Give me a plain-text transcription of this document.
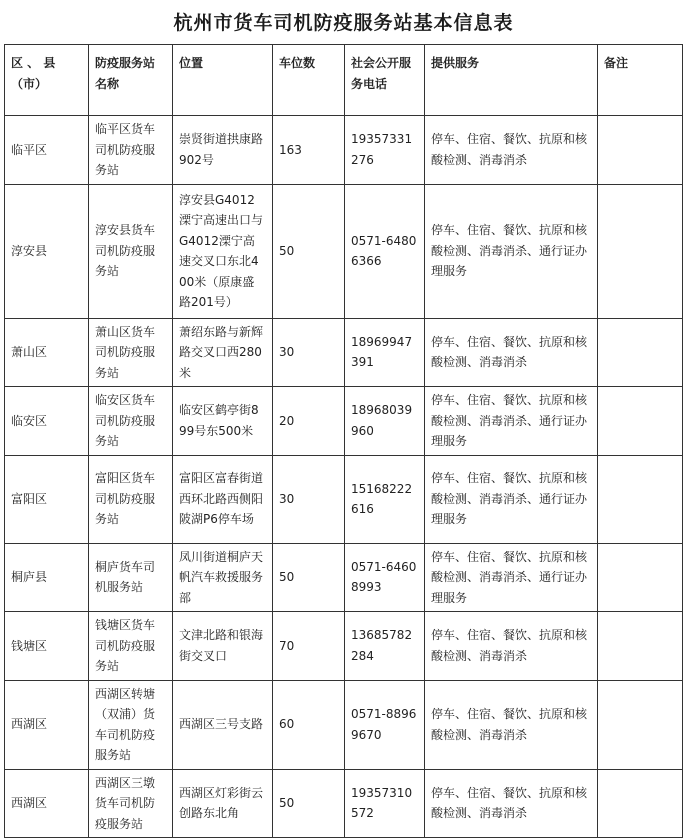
杭州市货车司机防疫服务站基本信息表
区 、 县（市）	防疫服务站名称	位置	车位数	社会公开服务电话	提供服务	备注
临平区	临平区货车司机防疫服务站	崇贤街道拱康路902号	163	19357331276	停车、住宿、餐饮、抗原和核酸检测、消毒消杀	
淳安县	淳安县货车司机防疫服务站	淳安县G4012溧宁高速出口与G4012溧宁高速交叉口东北400米（原康盛路201号）	50	0571-64806366	停车、住宿、餐饮、抗原和核酸检测、消毒消杀、通行证办理服务	
萧山区	萧山区货车司机防疫服务站	萧绍东路与新辉路交叉口西280米	30	18969947391	停车、住宿、餐饮、抗原和核酸检测、消毒消杀	
临安区	临安区货车司机防疫服务站	临安区鹤亭街899号东500米	20	18968039960	停车、住宿、餐饮、抗原和核酸检测、消毒消杀、通行证办理服务	
富阳区	富阳区货车司机防疫服务站	富阳区富春街道西环北路西侧阳陂湖P6停车场	30	15168222616	停车、住宿、餐饮、抗原和核酸检测、消毒消杀、通行证办理服务	
桐庐县	桐庐货车司机服务站	凤川街道桐庐天帆汽车救援服务部	50	0571-64608993	停车、住宿、餐饮、抗原和核酸检测、消毒消杀、通行证办理服务	
钱塘区	钱塘区货车司机防疫服务站	文津北路和银海街交叉口	70	13685782284	停车、住宿、餐饮、抗原和核酸检测、消毒消杀	
西湖区	西湖区转塘（双浦）货车司机防疫服务站	西湖区三号支路	60	0571-88969670	停车、住宿、餐饮、抗原和核酸检测、消毒消杀	
西湖区	西湖区三墩货车司机防疫服务站	西湖区灯彩街云创路东北角	50	19357310572	停车、住宿、餐饮、抗原和核酸检测、消毒消杀	
